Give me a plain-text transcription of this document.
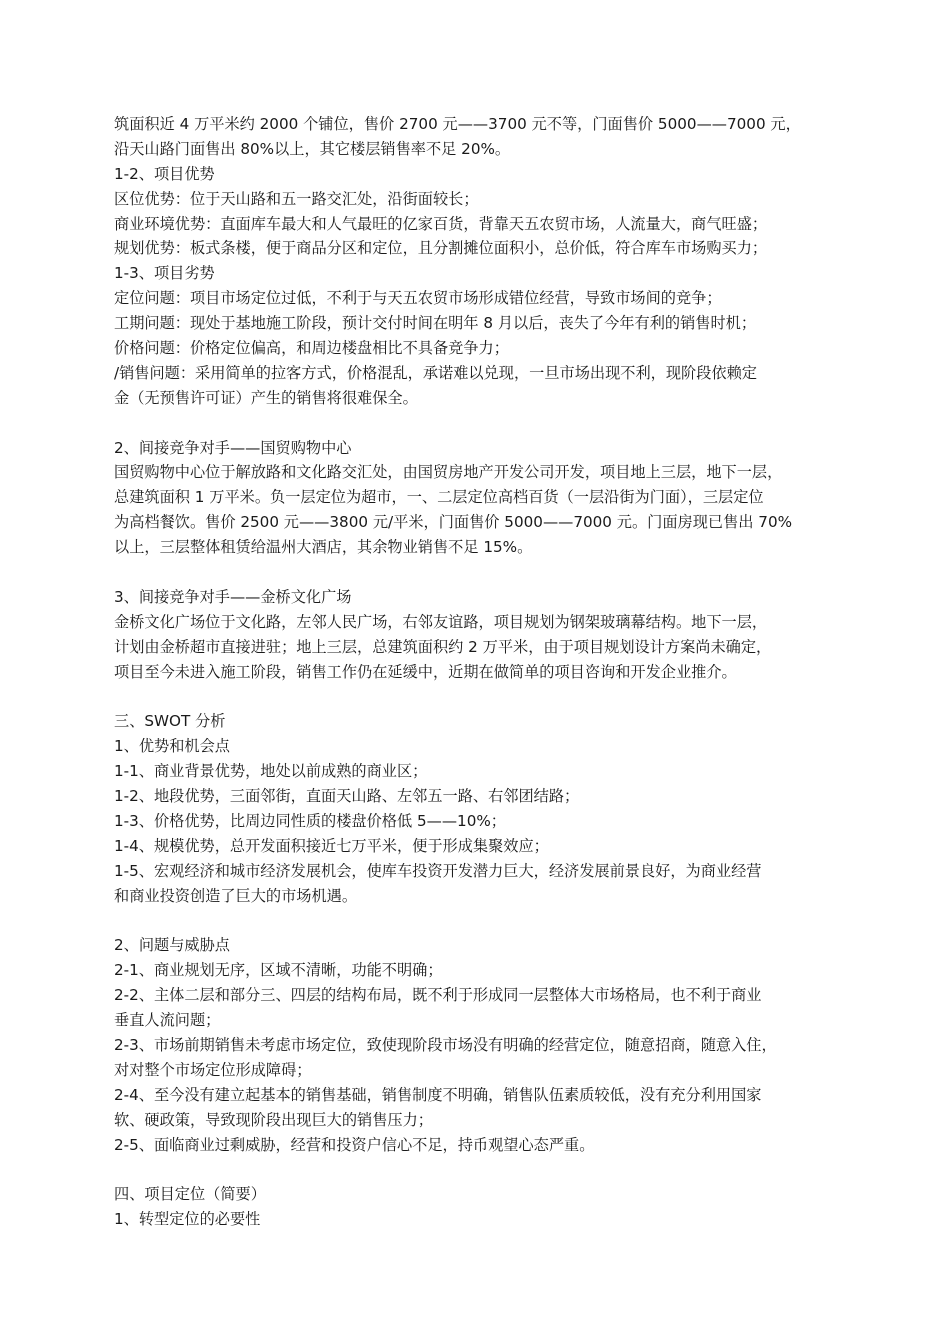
筑面积近 4 万平米约 2000 个铺位，售价 2700 元——3700 元不等，门面售价 5000——7000 元，
沿天山路门面售出 80%以上，其它楼层销售率不足 20%。
1-2、项目优势
区位优势：位于天山路和五一路交汇处，沿街面较长；
商业环境优势：直面库车最大和人气最旺的亿家百货，背靠天五农贸市场，人流量大，商气旺盛；
规划优势：板式条楼，便于商品分区和定位，且分割摊位面积小，总价低，符合库车市场购买力；
1-3、项目劣势
定位问题：项目市场定位过低，不利于与天五农贸市场形成错位经营，导致市场间的竞争；
工期问题：现处于基地施工阶段，预计交付时间在明年 8 月以后，丧失了今年有利的销售时机；
价格问题：价格定位偏高，和周边楼盘相比不具备竞争力；
/销售问题：采用简单的拉客方式，价格混乱，承诺难以兑现，一旦市场出现不利，现阶段依赖定
金（无预售许可证）产生的销售将很难保全。
2、间接竞争对手——国贸购物中心
国贸购物中心位于解放路和文化路交汇处，由国贸房地产开发公司开发，项目地上三层，地下一层，
总建筑面积 1 万平米。负一层定位为超市，一、二层定位高档百货（一层沿街为门面），三层定位
为高档餐饮。售价 2500 元——3800 元/平米，门面售价 5000——7000 元。门面房现已售出 70%
以上，三层整体租赁给温州大酒店，其余物业销售不足 15%。
3、间接竞争对手——金桥文化广场
金桥文化广场位于文化路，左邻人民广场，右邻友谊路，项目规划为钢架玻璃幕结构。地下一层，
计划由金桥超市直接进驻；地上三层，总建筑面积约 2 万平米，由于项目规划设计方案尚未确定，
项目至今未进入施工阶段，销售工作仍在延缓中，近期在做简单的项目咨询和开发企业推介。
三、SWOT 分析
1、优势和机会点
1-1、商业背景优势，地处以前成熟的商业区；
1-2、地段优势，三面邻街，直面天山路、左邻五一路、右邻团结路；
1-3、价格优势，比周边同性质的楼盘价格低 5——10%；
1-4、规模优势，总开发面积接近七万平米，便于形成集聚效应；
1-5、宏观经济和城市经济发展机会，使库车投资开发潜力巨大，经济发展前景良好，为商业经营
和商业投资创造了巨大的市场机遇。
2、问题与威胁点
2-1、商业规划无序，区域不清晰，功能不明确；
2-2、主体二层和部分三、四层的结构布局，既不利于形成同一层整体大市场格局，也不利于商业
垂直人流问题；
2-3、市场前期销售未考虑市场定位，致使现阶段市场没有明确的经营定位，随意招商，随意入住，
对对整个市场定位形成障碍；
2-4、至今没有建立起基本的销售基础，销售制度不明确，销售队伍素质较低，没有充分利用国家
软、硬政策，导致现阶段出现巨大的销售压力；
2-5、面临商业过剩威胁，经营和投资户信心不足，持币观望心态严重。
四、项目定位（简要）
1、转型定位的必要性
